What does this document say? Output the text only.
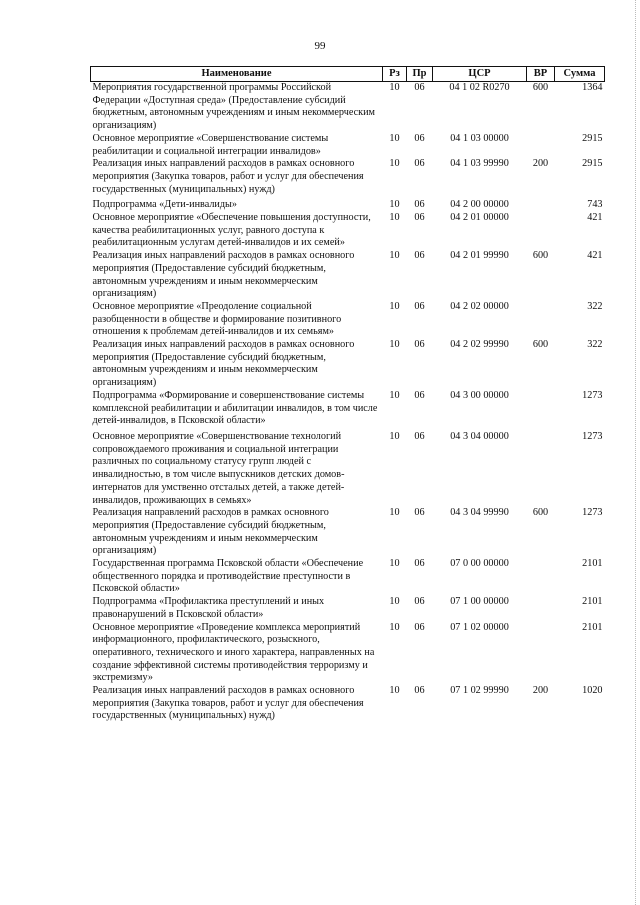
99
Наименование	Рз	Пр	ЦСР	ВР	Сумма
Мероприятия государственной программы Российской Федерации «Доступная среда» (Предоставление субсидий бюджетным, автономным учреждениям и иным некоммерческим организациям)	10	06	04 1 02 R0270	600	1364
Основное мероприятие «Совершенствование системы реабилитации и социальной интеграции инвалидов»	10	06	04 1 03 00000		2915
Реализация иных направлений расходов в рамках основного мероприятия (Закупка товаров, работ и услуг для обеспечения государственных (муниципальных) нужд)	10	06	04 1 03 99990	200	2915
Подпрограмма «Дети-инвалиды»	10	06	04 2 00 00000		743
Основное мероприятие «Обеспечение повышения доступности, качества реабилитационных услуг, равного доступа к реабилитационным услугам детей-инвалидов и их семей»	10	06	04 2 01 00000		421
Реализация иных направлений расходов в рамках основного мероприятия (Предоставление субсидий бюджетным, автономным учреждениям и иным некоммерческим организациям)	10	06	04 2 01 99990	600	421
Основное мероприятие «Преодоление социальной разобщенности в обществе и формирование позитивного отношения к проблемам детей-инвалидов и их семьям»	10	06	04 2 02 00000		322
Реализация иных направлений расходов в рамках основного мероприятия (Предоставление субсидий бюджетным, автономным учреждениям и иным некоммерческим организациям)	10	06	04 2 02 99990	600	322
Подпрограмма «Формирование и совершенствование системы комплексной реабилитации и абилитации инвалидов, в том числе детей-инвалидов, в Псковской области»	10	06	04 3 00 00000		1273
Основное мероприятие «Совершенствование технологий сопровождаемого проживания и социальной интеграции различных по социальному статусу групп людей с инвалидностью, в том числе выпускников детских домов-интернатов для умственно отсталых детей, а также детей-инвалидов, проживающих в семьях»	10	06	04 3 04 00000		1273
Реализация направлений расходов в рамках основного мероприятия (Предоставление субсидий бюджетным, автономным учреждениям и иным некоммерческим организациям)	10	06	04 3 04 99990	600	1273
Государственная программа Псковской области «Обеспечение общественного порядка и противодействие преступности в Псковской области»	10	06	07 0 00 00000		2101
Подпрограмма «Профилактика преступлений и иных правонарушений в Псковской области»	10	06	07 1 00 00000		2101
Основное мероприятие «Проведение комплекса мероприятий информационного, профилактического, розыскного, оперативного, технического и иного характера, направленных на создание эффективной системы противодействия терроризму и экстремизму»	10	06	07 1 02 00000		2101
Реализация иных направлений расходов в рамках основного мероприятия (Закупка товаров, работ и услуг для обеспечения государственных (муниципальных) нужд)	10	06	07 1 02 99990	200	1020
